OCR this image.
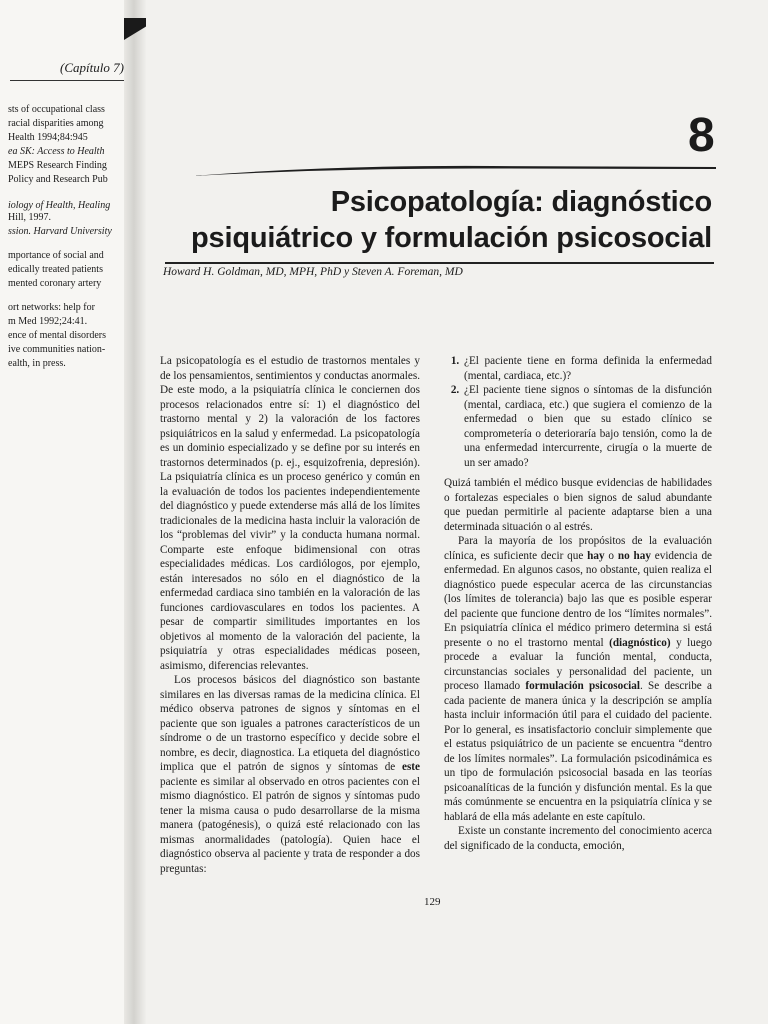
(Capítulo 7)
sts of occupational class
racial disparities among
Health 1994;84:945
ea SK: Access to Health
MEPS Research Finding
Policy and Research Pub
iology of Health, Healing
Hill, 1997.
ssion. Harvard University
mportance of social and
edically treated patients
mented coronary artery
ort networks: help for
m Med 1992;24:41.
ence of mental disorders
ive communities nation-
ealth, in press.
8
Psicopatología: diagnóstico
psiquiátrico y formulación psicosocial
Howard H. Goldman, MD, MPH, PhD y Steven A. Foreman, MD

La psicopatología es el estudio de trastornos mentales y de los pensamientos, sentimientos y conductas anormales. De este modo, a la psiquiatría clínica le conciernen dos procesos relacionados entre sí: 1) el diagnóstico del trastorno mental y 2) la valoración de los factores psiquiátricos en la salud y enfermedad. La psicopatología es un dominio especializado y se define por su interés en trastornos determinados (p. ej., esquizofrenia, depresión). La psiquiatría clínica es un proceso genérico y común en la evaluación de todos los pacientes independientemente del diagnóstico y puede extenderse más allá de los límites tradicionales de la medicina hasta incluir la valoración de los “problemas del vivir” y la conducta humana normal. Comparte este enfoque bidimensional con otras especialidades médicas. Los cardiólogos, por ejemplo, están interesados no sólo en el diagnóstico de la enfermedad cardiaca sino también en la valoración de las funciones cardiovasculares en todos los pacientes. A pesar de compartir similitudes importantes en los objetivos al momento de la valoración del paciente, la psiquiatría y otras especialidades médicas poseen, asimismo, diferencias relevantes.

Los procesos básicos del diagnóstico son bastante similares en las diversas ramas de la medicina clínica. El médico observa patrones de signos y síntomas en el paciente que son iguales a patrones característicos de un síndrome o de un trastorno específico y decide sobre el nombre, es decir, diagnostica. La etiqueta del diagnóstico implica que el patrón de signos y síntomas de este paciente es similar al observado en otros pacientes con el mismo diagnóstico. El patrón de signos y síntomas pudo tener la misma causa o pudo desarrollarse de la misma manera (patogénesis), o quizá esté relacionado con las mismas anormalidades (patología). Quien hace el diagnóstico observa al paciente y trata de responder a dos preguntas:

1. ¿El paciente tiene en forma definida la enfermedad (mental, cardiaca, etc.)?
2. ¿El paciente tiene signos o síntomas de la disfunción (mental, cardiaca, etc.) que sugiera el comienzo de la enfermedad o bien que su estado clínico se comprometería o deterioraría bajo tensión, como la de una enfermedad intercurrente, cirugía o la muerte de un ser amado?

Quizá también el médico busque evidencias de habilidades o fortalezas especiales o bien signos de salud abundante que puedan permitirle al paciente adaptarse bien a una determinada situación o al estrés.

Para la mayoría de los propósitos de la evaluación clínica, es suficiente decir que hay o no hay evidencia de enfermedad. En algunos casos, no obstante, quien realiza el diagnóstico puede especular acerca de las circunstancias (los límites de tolerancia) bajo las que es posible esperar del paciente que funcione dentro de los “límites normales”. En psiquiatría clínica el médico primero determina si está presente o no el trastorno mental (diagnóstico) y luego procede a evaluar la función mental, conducta, circunstancias sociales y personalidad del paciente, un proceso llamado formulación psicosocial. Se describe a cada paciente de manera única y la descripción se amplía hasta incluir información útil para el cuidado del paciente. Por lo general, es insatisfactorio concluir simplemente que el estatus psiquiátrico de un paciente se encuentra “dentro de los límites normales”. La formulación psicodinámica es un tipo de formulación psicosocial basada en las teorías psicoanalíticas de la función y disfunción mental. Es la que más comúnmente se encuentra en la psiquiatría clínica y se hablará de ella más adelante en este capítulo.

Existe un constante incremento del conocimiento acerca del significado de la conducta, emoción,

129
